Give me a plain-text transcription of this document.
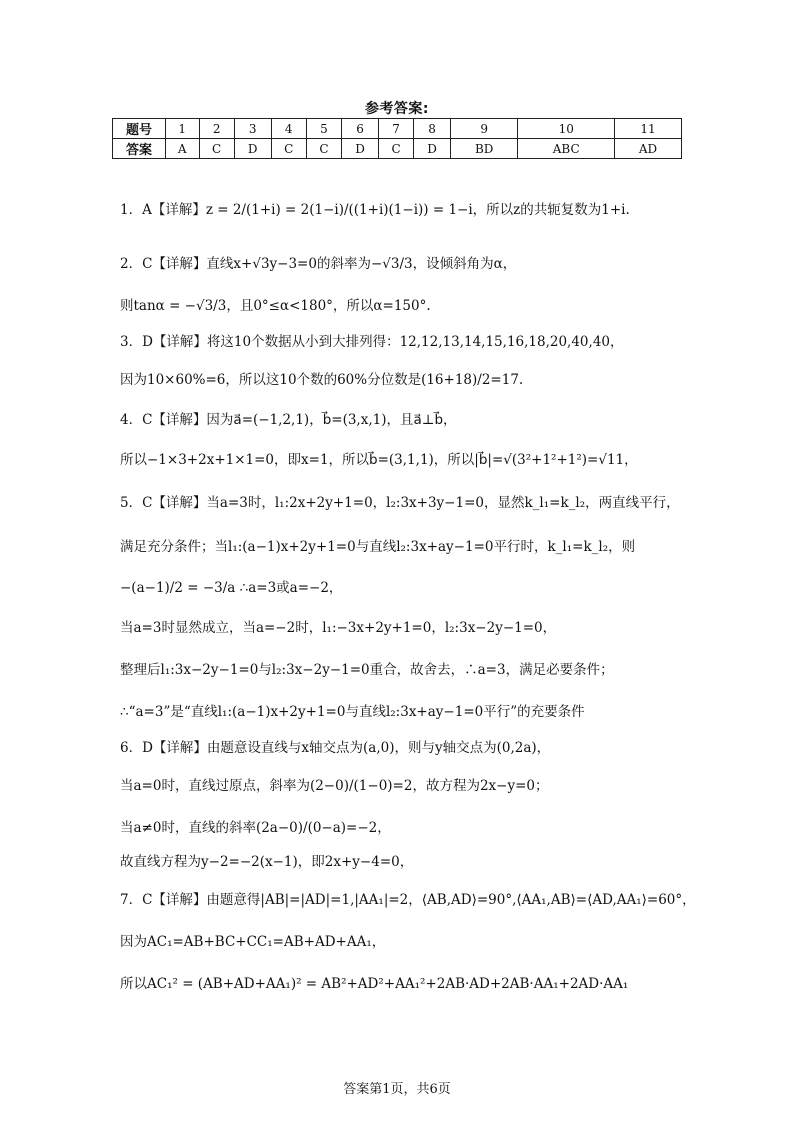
参考答案:
题号	1	2	3	4	5	6	7	8	9	10	11
答案	A	C	D	C	C	D	C	D	BD	ABC	AD
1．A【详解】z = 2/(1+i) = 2(1−i)/((1+i)(1−i)) = 1−i，所以z的共轭复数为1+i.
2．C【详解】直线x+√3y−3=0的斜率为−√3/3，设倾斜角为α，
则tanα = −√3/3，且0°≤α<180°，所以α=150°.
3．D【详解】将这10个数据从小到大排列得：12,12,13,14,15,16,18,20,40,40，
因为10×60%=6，所以这10个数的60%分位数是(16+18)/2=17.
4．C【详解】因为a⃗=(−1,2,1)，b⃗=(3,x,1)，且a⃗⊥b⃗，
所以−1×3+2x+1×1=0，即x=1，所以b⃗=(3,1,1)，所以|b⃗|=√(3²+1²+1²)=√11，
5．C【详解】当a=3时，l₁:2x+2y+1=0，l₂:3x+3y−1=0，显然k_l₁=k_l₂，两直线平行，
满足充分条件；当l₁:(a−1)x+2y+1=0与直线l₂:3x+ay−1=0平行时，k_l₁=k_l₂，则
−(a−1)/2 = −3/a ∴a=3或a=−2，
当a=3时显然成立，当a=−2时，l₁:−3x+2y+1=0，l₂:3x−2y−1=0，
整理后l₁:3x−2y−1=0与l₂:3x−2y−1=0重合，故舍去，∴a=3，满足必要条件；
∴“a=3”是“直线l₁:(a−1)x+2y+1=0与直线l₂:3x+ay−1=0平行”的充要条件
6．D【详解】由题意设直线与x轴交点为(a,0)，则与y轴交点为(0,2a)，
当a=0时，直线过原点，斜率为(2−0)/(1−0)=2，故方程为2x−y=0；
当a≠0时，直线的斜率(2a−0)/(0−a)=−2，
故直线方程为y−2=−2(x−1)，即2x+y−4=0，
7．C【详解】由题意得|AB|=|AD|=1,|AA₁|=2，⟨AB,AD⟩=90°,⟨AA₁,AB⟩=⟨AD,AA₁⟩=60°，
因为AC₁=AB+BC+CC₁=AB+AD+AA₁，
所以AC₁² = (AB+AD+AA₁)² = AB²+AD²+AA₁²+2AB·AD+2AB·AA₁+2AD·AA₁
答案第1页，共6页
